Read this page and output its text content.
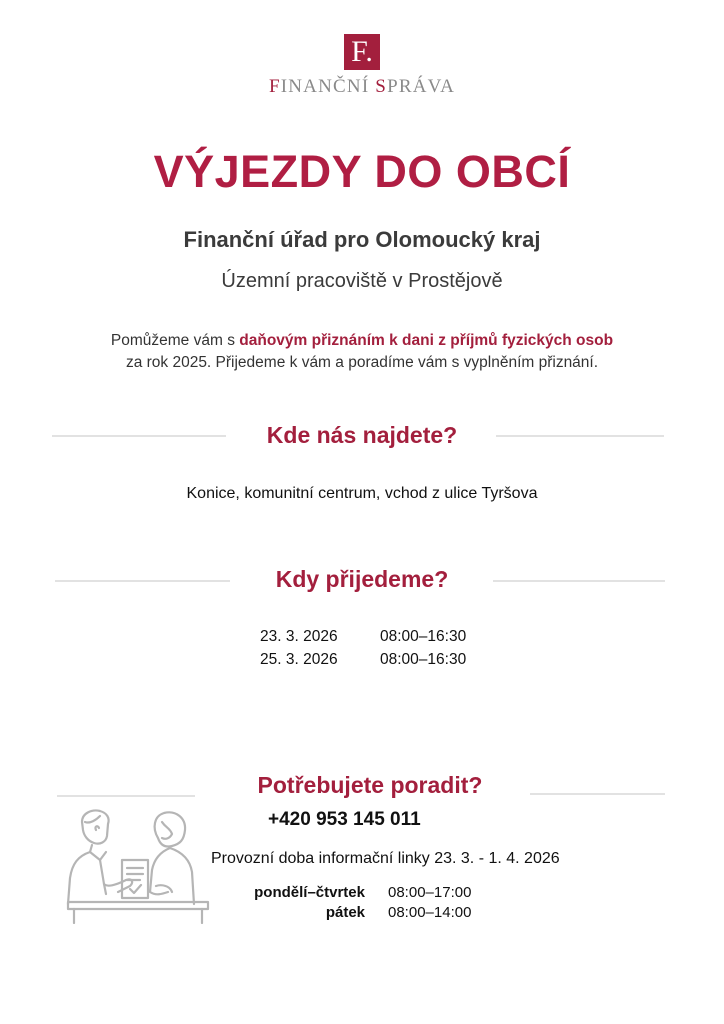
F.
FINANČNÍ SPRÁVA
VÝJEZDY DO OBCÍ
Finanční úřad pro Olomoucký kraj
Územní pracoviště v Prostějově
Pomůžeme vám s daňovým přiznáním k dani z příjmů fyzických osob
za rok 2025. Přijedeme k vám a poradíme vám s vyplněním přiznání.
Kde nás najdete?
Konice, komunitní centrum, vchod z ulice Tyršova
Kdy přijedeme?
23. 3. 2026	08:00–16:30
25. 3. 2026	08:00–16:30
Potřebujete poradit?
+420 953 145 011
Provozní doba informační linky 23. 3. - 1. 4. 2026
pondělí–čtvrtek	08:00–17:00
pátek	08:00–14:00
